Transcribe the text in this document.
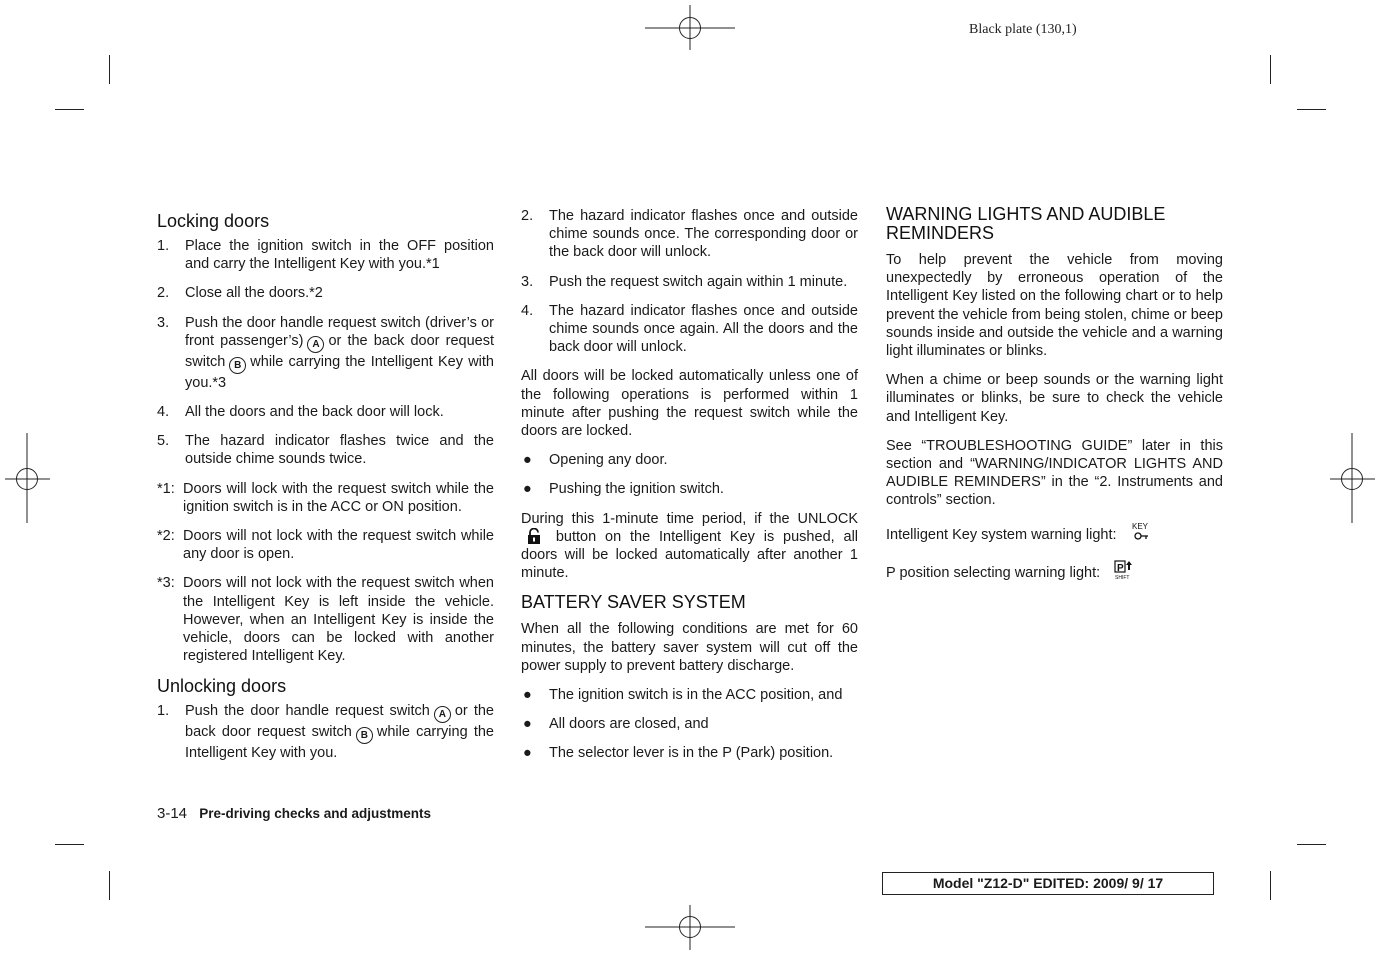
Black plate (130,1)
Locking doors
1. Place the ignition switch in the OFF position and carry the Intelligent Key with you.*1
2. Close all the doors.*2
3. Push the door handle request switch (driver’s or front passenger’s) A or the back door request switch B while carrying the Intelligent Key with you.*3
4. All the doors and the back door will lock.
5. The hazard indicator flashes twice and the outside chime sounds twice.
*1: Doors will lock with the request switch while the ignition switch is in the ACC or ON position.
*2: Doors will not lock with the request switch while any door is open.
*3: Doors will not lock with the request switch when the Intelligent Key is left inside the vehicle. However, when an Intelligent Key is inside the vehicle, doors can be locked with another registered Intelligent Key.
Unlocking doors
1. Push the door handle request switch A or the back door request switch B while carrying the Intelligent Key with you.
2. The hazard indicator flashes once and outside chime sounds once. The corresponding door or the back door will unlock.
3. Push the request switch again within 1 minute.
4. The hazard indicator flashes once and outside chime sounds once again. All the doors and the back door will unlock.

All doors will be locked automatically unless one of the following operations is performed within 1 minute after pushing the request switch while the doors are locked.

● Opening any door.
● Pushing the ignition switch.

During this 1-minute time period, if the UNLOCK  button on the Intelligent Key is pushed, all doors will be locked automatically after another 1 minute.

BATTERY SAVER SYSTEM

When all the following conditions are met for 60 minutes, the battery saver system will cut off the power supply to prevent battery discharge.

● The ignition switch is in the ACC position, and
● All doors are closed, and
● The selector lever is in the P (Park) position.
WARNING LIGHTS AND AUDIBLE REMINDERS

To help prevent the vehicle from moving unexpectedly by erroneous operation of the Intelligent Key listed on the following chart or to help prevent the vehicle from being stolen, chime or beep sounds inside and outside the vehicle and a warning light illuminates or blinks.

When a chime or beep sounds or the warning light illuminates or blinks, be sure to check the vehicle and Intelligent Key.

See “TROUBLESHOOTING GUIDE” later in this section and “WARNING/INDICATOR LIGHTS AND AUDIBLE REMINDERS” in the “2. Instruments and controls” section.

Intelligent Key system warning light:
KEY

P position selecting warning light: P
SHIFT

3-14 Pre-driving checks and adjustments
Model "Z12-D" EDITED: 2009/ 9/ 17
